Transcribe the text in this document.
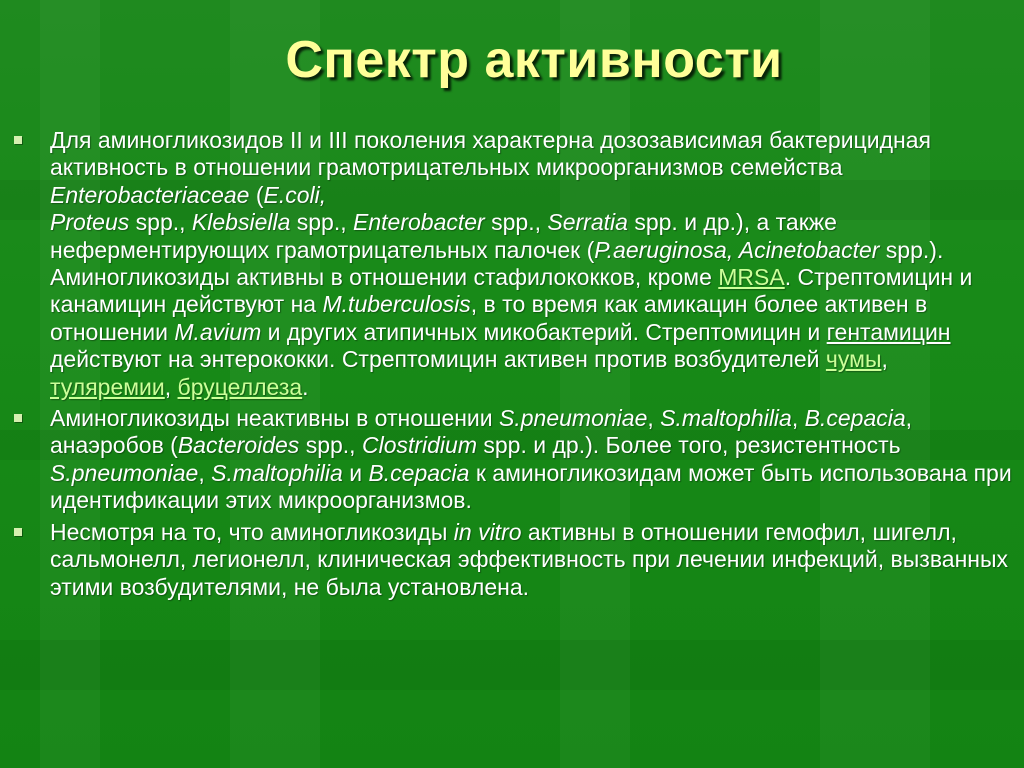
Спектр активности
Для аминогликозидов II и III поколения характерна дозозависимая бактерицидная активность в отношении грамотрицательных микроорганизмов семейства Enterobacteriaceae (E.coli,
Proteus spp., Klebsiella spp., Enterobacter spp., Serratia spp. и др.), а также неферментирующих грамотрицательных палочек (P.aeruginosa, Acinetobacter spp.). Аминогликозиды активны в отношении стафилококков, кроме MRSA. Стрептомицин и канамицин действуют на M.tuberculosis, в то время как амикацин более активен в отношении M.avium и других атипичных микобактерий. Стрептомицин и гентамицин действуют на энтерококки. Стрептомицин активен против возбудителей чумы, туляремии, бруцеллеза.
Аминогликозиды неактивны в отношении S.pneumoniae, S.maltophilia, B.cepacia, анаэробов (Bacteroides spp., Clostridium spp. и др.). Более того, резистентность S.pneumoniae, S.maltophilia и B.cepacia к аминогликозидам может быть использована при идентификации этих микроорганизмов.
Несмотря на то, что аминогликозиды in vitro активны в отношении гемофил, шигелл, сальмонелл, легионелл, клиническая эффективность при лечении инфекций, вызванных этими возбудителями, не была установлена.
